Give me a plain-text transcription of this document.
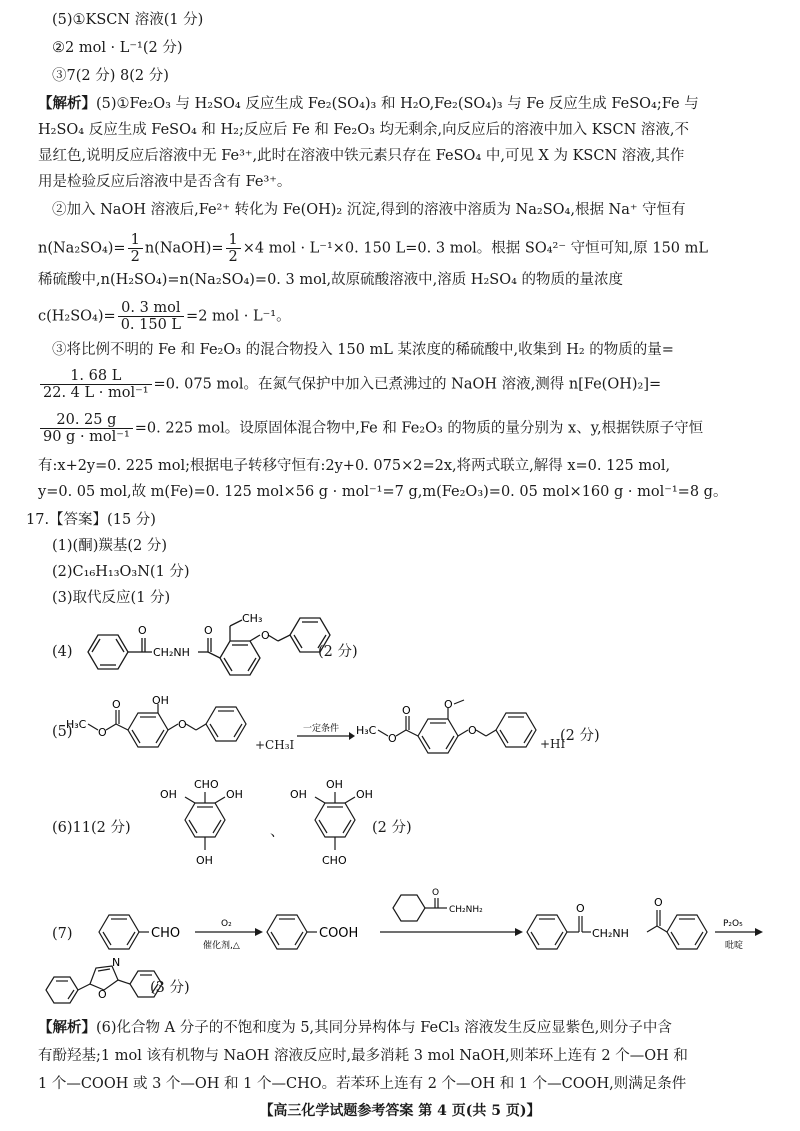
(5)①KSCN 溶液(1 分)
②2 mol · L⁻¹(2 分)
③7(2 分) 8(2 分)
【解析】(5)①Fe₂O₃ 与 H₂SO₄ 反应生成 Fe₂(SO₄)₃ 和 H₂O,Fe₂(SO₄)₃ 与 Fe 反应生成 FeSO₄;Fe 与
H₂SO₄ 反应生成 FeSO₄ 和 H₂;反应后 Fe 和 Fe₂O₃ 均无剩余,向反应后的溶液中加入 KSCN 溶液,不
显红色,说明反应后溶液中无 Fe³⁺,此时在溶液中铁元素只存在 FeSO₄ 中,可见 X 为 KSCN 溶液,其作
用是检验反应后溶液中是否含有 Fe³⁺。
②加入 NaOH 溶液后,Fe²⁺ 转化为 Fe(OH)₂ 沉淀,得到的溶液中溶质为 Na₂SO₄,根据 Na⁺ 守恒有
$n(Na_2SO_4)= \frac{1}{2}$ n(NaOH)= $\frac{1}{2} \times 4$ mol · L⁻¹×0. 150 L=0. 3 mol。根据 SO₄²⁻ 守恒可知,原 150 mL
稀硫酸中,n(H₂SO₄)=n(Na₂SO₄)=0. 3 mol,故原硫酸溶液中,溶质 H₂SO₄ 的物质的量浓度
$c(H_2SO_4)= \frac{\text{0. 3 mol}}{0. 150 L} =2$ mol · L⁻¹。
③将比例不明的 Fe 和 Fe₂O₃ 的混合物投入 150 mL 某浓度的稀硫酸中,收集到 H₂ 的物质的量=
$\frac{1. 68 L}{\text{22. 4 L · mol⁻¹}} =0$. 075 mol。在氮气保护中加入已煮沸过的 NaOH 溶液,测得 n[Fe(OH)₂]=
$\frac{20. 25 g}{\text{90 g · mol⁻¹}} =0$. 225 mol。设原固体混合物中,Fe 和 Fe₂O₃ 的物质的量分别为 x、y,根据铁原子守恒
有:x+2y=0. 225 mol;根据电子转移守恒有:2y+0. 075×2=2x,将两式联立,解得 x=0. 125 mol,
y=0. 05 mol,故 m(Fe)=0. 125 mol×56 g · mol⁻¹=7 g,m(Fe₂O₃)=0. 05 mol×160 g · mol⁻¹=8 g。
17.【答案】(15 分)
(1)(酮)羰基(2 分)
(2)C₁₆H₁₃O₃N(1 分)
(3)取代反应(1 分)
(4)
O	O
CH₂NH
CH₃
O
(2 分)
(5)
H₃C
O
O	OH
O
+CH₃I
一定条件 H₃C
O
O	O
O
+HI
(2 分)
(6)11(2 分)
CHO
OH	OH
OH
、
OH
OH	OH
CHO
(2 分)
(7)	CHO
O₂
催化剂,△
COOH
O
CH₂NH₂	O
CH₂NH
O
P₂O₅
吡啶
N
O	(3 分)
【解析】(6)化合物 A 分子的不饱和度为 5,其同分异构体与 FeCl₃ 溶液发生反应显紫色,则分子中含
有酚羟基;1 mol 该有机物与 NaOH 溶液反应时,最多消耗 3 mol NaOH,则苯环上连有 2 个—OH 和
1 个—COOH 或 3 个—OH 和 1 个—CHO。若苯环上连有 2 个—OH 和 1 个—COOH,则满足条件
【高三化学试题参考答案 第 4 页(共 5 页)】
